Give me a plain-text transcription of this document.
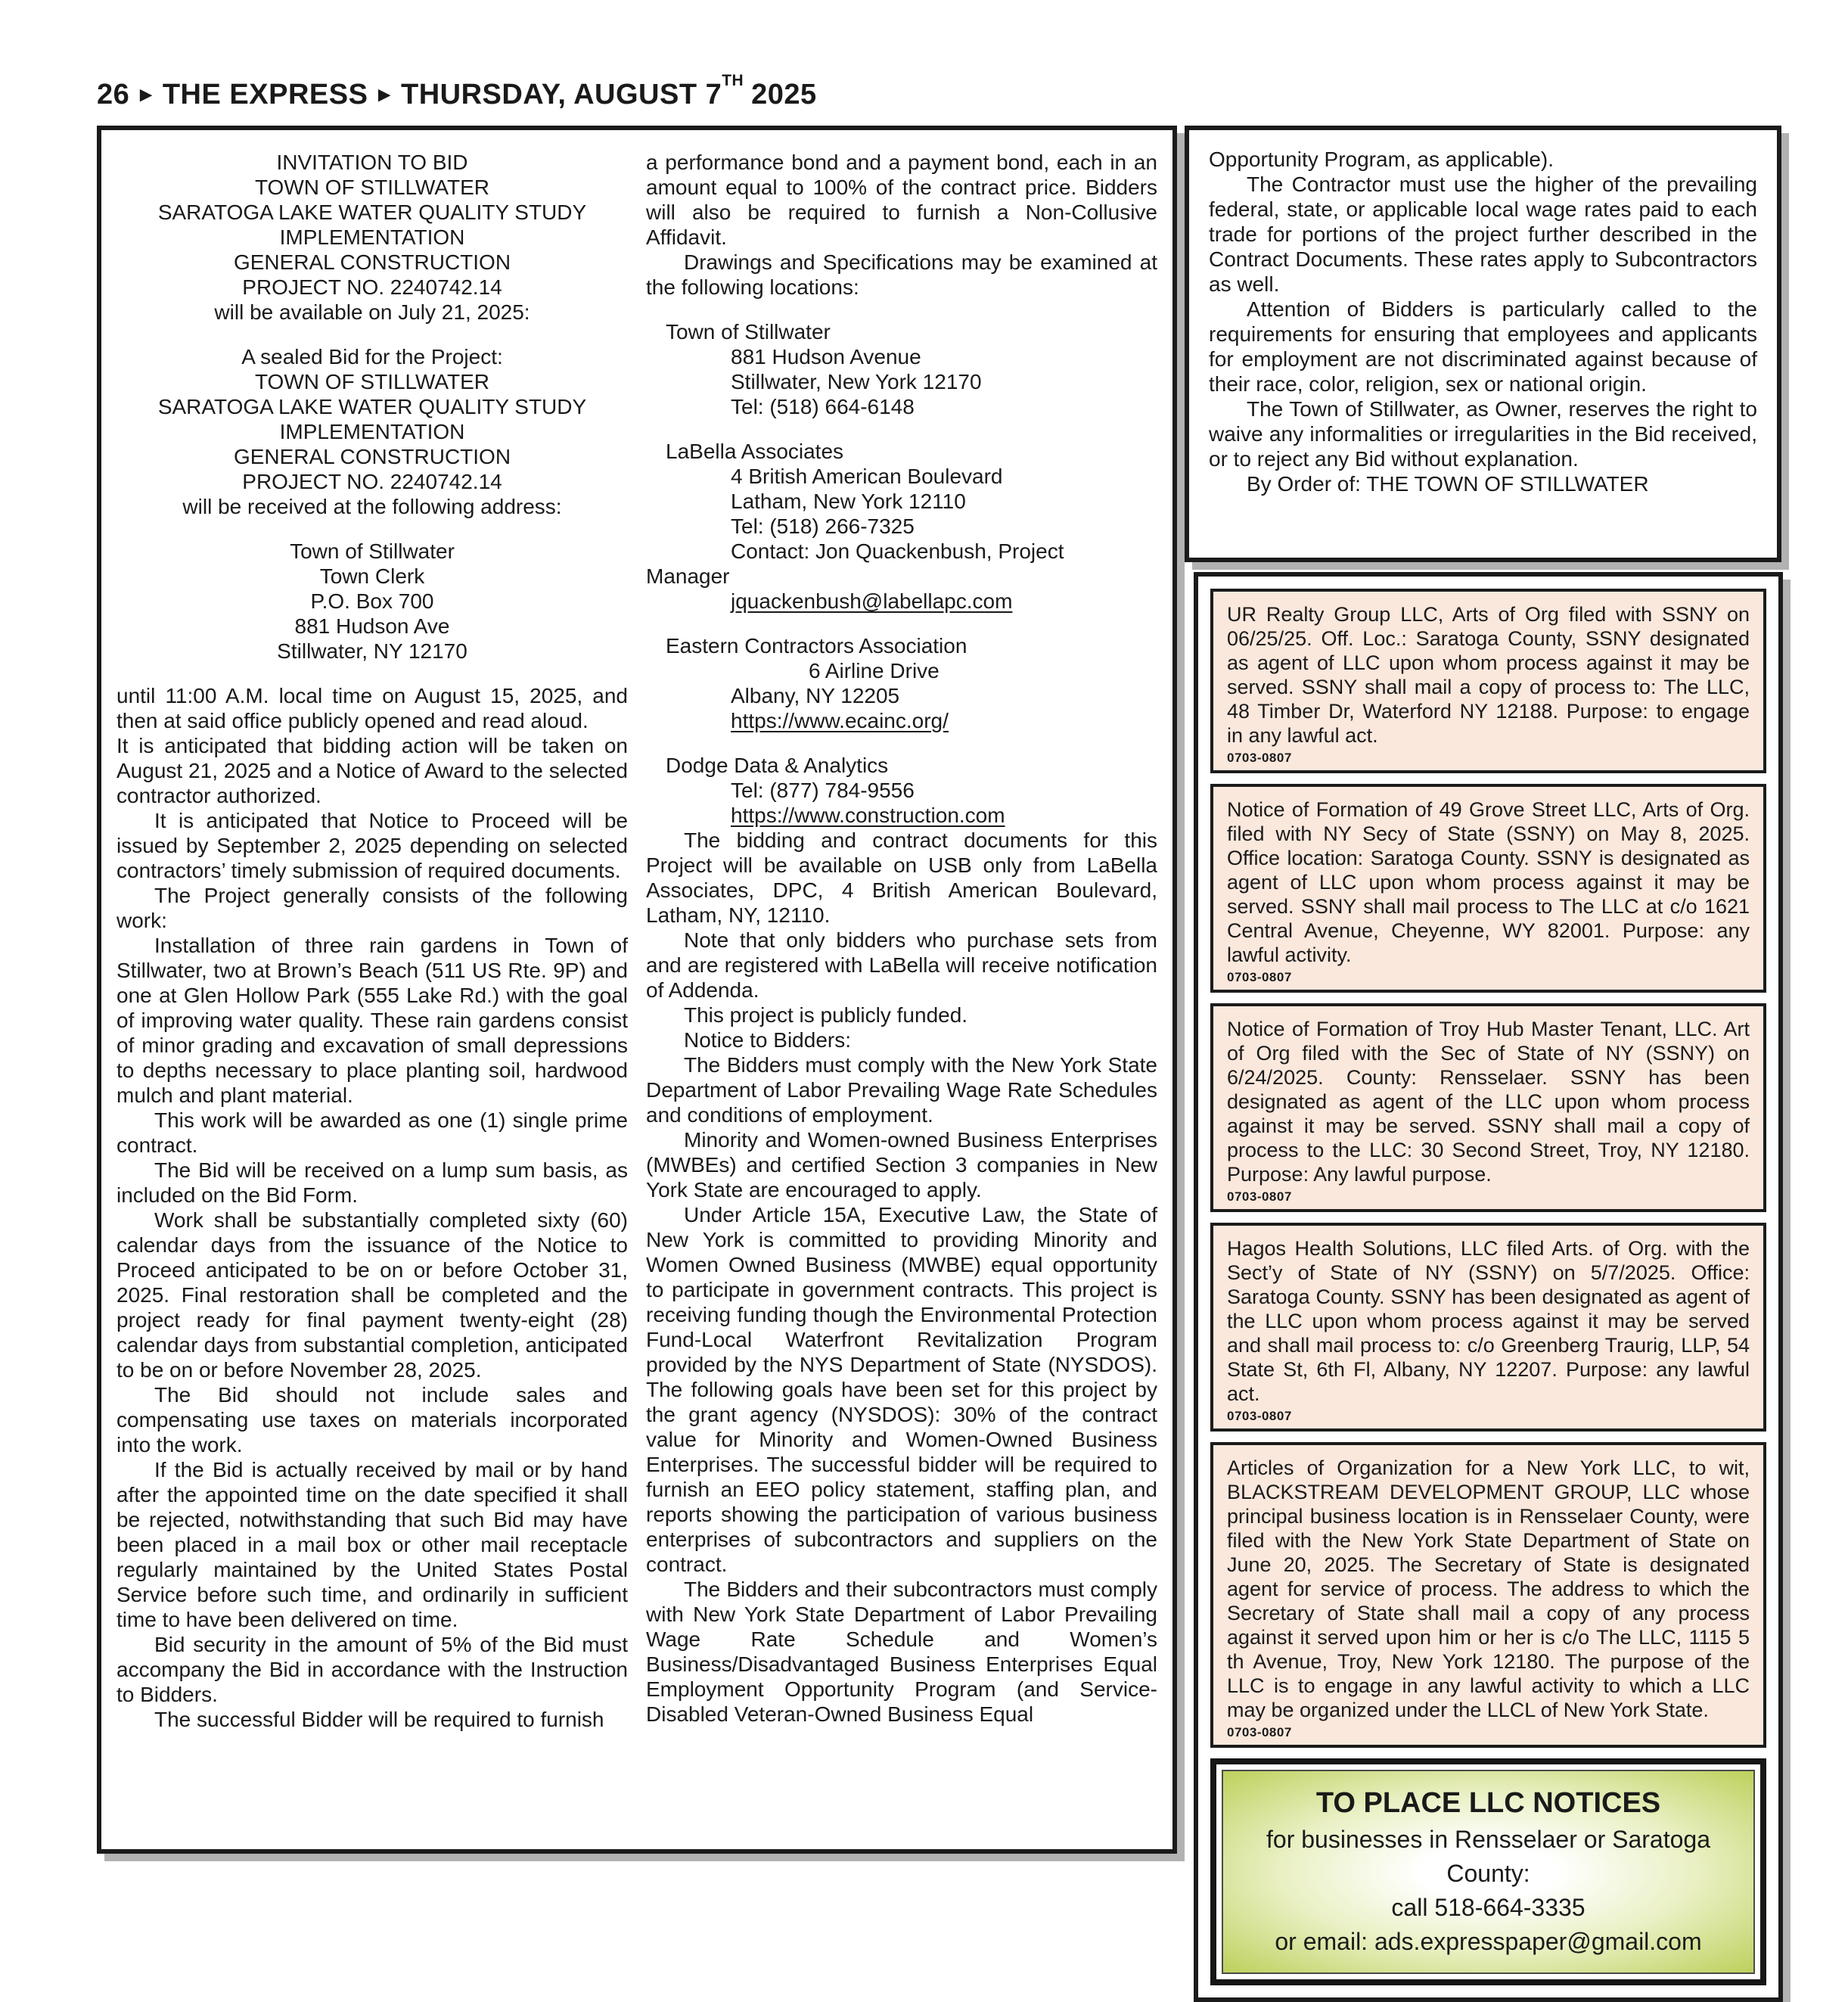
26 ▸ THE EXPRESS ▸ THURSDAY, AUGUST 7TH 2025
INVITATION TO BID
TOWN OF STILLWATER
SARATOGA LAKE WATER QUALITY STUDY
IMPLEMENTATION
GENERAL CONSTRUCTION
PROJECT NO. 2240742.14
will be available on July 21, 2025:
A sealed Bid for the Project:
TOWN OF STILLWATER
SARATOGA LAKE WATER QUALITY STUDY
IMPLEMENTATION
GENERAL CONSTRUCTION
PROJECT NO. 2240742.14
will be received at the following address:
Town of Stillwater
Town Clerk
P.O. Box 700
881 Hudson Ave
Stillwater, NY 12170
until 11:00 A.M. local time on August 15, 2025, and then at said office publicly opened and read aloud.
It is anticipated that bidding action will be taken on August 21, 2025 and a Notice of Award to the selected contractor authorized.
It is anticipated that Notice to Proceed will be issued by September 2, 2025 depending on selected contractors’ timely submission of required documents.
The Project generally consists of the following work:
Installation of three rain gardens in Town of Stillwater, two at Brown’s Beach (511 US Rte. 9P) and one at Glen Hollow Park (555 Lake Rd.) with the goal of improving water quality. These rain gardens consist of minor grading and excavation of small depressions to depths necessary to place planting soil, hardwood mulch and plant material.
This work will be awarded as one (1) single prime contract.
The Bid will be received on a lump sum basis, as included on the Bid Form.
Work shall be substantially completed sixty (60) calendar days from the issuance of the Notice to Proceed anticipated to be on or before October 31, 2025. Final restoration shall be completed and the project ready for final payment twenty-eight (28) calendar days from substantial completion, anticipated to be on or before November 28, 2025.
The Bid should not include sales and compensating use taxes on materials incorporated into the work.
If the Bid is actually received by mail or by hand after the appointed time on the date specified it shall be rejected, notwithstanding that such Bid may have been placed in a mail box or other mail receptacle regularly maintained by the United States Postal Service before such time, and ordinarily in sufficient time to have been delivered on time.
Bid security in the amount of 5% of the Bid must accompany the Bid in accordance with the Instruction to Bidders.
The successful Bidder will be required to furnish
a performance bond and a payment bond, each in an amount equal to 100% of the contract price. Bidders will also be required to furnish a Non-Collusive Affidavit.
Drawings and Specifications may be examined at the following locations:
Town of Stillwater
881 Hudson Avenue
Stillwater, New York 12170
Tel: (518) 664-6148
LaBella Associates
4 British American Boulevard
Latham, New York 12110
Tel: (518) 266-7325
Contact: Jon Quackenbush, Project
Manager
jquackenbush@labellapc.com
Eastern Contractors Association
6 Airline Drive
Albany, NY 12205
https://www.ecainc.org/
Dodge Data & Analytics
Tel: (877) 784-9556
https://www.construction.com
The bidding and contract documents for this Project will be available on USB only from LaBella Associates, DPC, 4 British American Boulevard, Latham, NY, 12110.
Note that only bidders who purchase sets from and are registered with LaBella will receive notification of Addenda.
This project is publicly funded.
Notice to Bidders:
The Bidders must comply with the New York State Department of Labor Prevailing Wage Rate Schedules and conditions of employment.
Minority and Women-owned Business Enterprises (MWBEs) and certified Section 3 companies in New York State are encouraged to apply.
Under Article 15A, Executive Law, the State of New York is committed to providing Minority and Women Owned Business (MWBE) equal opportunity to participate in government contracts. This project is receiving funding though the Environmental Protection Fund-Local Waterfront Revitalization Program provided by the NYS Department of State (NYSDOS). The following goals have been set for this project by the grant agency (NYSDOS): 30% of the contract value for Minority and Women-Owned Business Enterprises. The successful bidder will be required to furnish an EEO policy statement, staffing plan, and reports showing the participation of various business enterprises of subcontractors and suppliers on the contract.
The Bidders and their subcontractors must comply with New York State Department of Labor Prevailing Wage Rate Schedule and Women’s Business/Disadvantaged Business Enterprises Equal Employment Opportunity Program (and Service-Disabled Veteran-Owned Business Equal
Opportunity Program, as applicable).
The Contractor must use the higher of the prevailing federal, state, or applicable local wage rates paid to each trade for portions of the project further described in the Contract Documents. These rates apply to Subcontractors as well.
Attention of Bidders is particularly called to the requirements for ensuring that employees and applicants for employment are not discriminated against because of their race, color, religion, sex or national origin.
The Town of Stillwater, as Owner, reserves the right to waive any informalities or irregularities in the Bid received, or to reject any Bid without explanation.
By Order of: THE TOWN OF STILLWATER
UR Realty Group LLC, Arts of Org filed with SSNY on 06/25/25. Off. Loc.: Saratoga County, SSNY designated as agent of LLC upon whom process against it may be served. SSNY shall mail a copy of process to: The LLC, 48 Timber Dr, Waterford NY 12188. Purpose: to engage in any lawful act.
0703-0807
Notice of Formation of 49 Grove Street LLC, Arts of Org. filed with NY Secy of State (SSNY) on May 8, 2025. Office location: Saratoga County. SSNY is designated as agent of LLC upon whom process against it may be served. SSNY shall mail process to The LLC at c/o 1621 Central Avenue, Cheyenne, WY 82001. Purpose: any lawful activity.
0703-0807
Notice of Formation of Troy Hub Master Tenant, LLC. Art of Org filed with the Sec of State of NY (SSNY) on 6/24/2025. County: Rensselaer. SSNY has been designated as agent of the LLC upon whom process against it may be served. SSNY shall mail a copy of process to the LLC: 30 Second Street, Troy, NY 12180. Purpose: Any lawful purpose.
0703-0807
Hagos Health Solutions, LLC filed Arts. of Org. with the Sect’y of State of NY (SSNY) on 5/7/2025. Office: Saratoga County. SSNY has been designated as agent of the LLC upon whom process against it may be served and shall mail process to: c/o Greenberg Traurig, LLP, 54 State St, 6th Fl, Albany, NY 12207. Purpose: any lawful act.
0703-0807
Articles of Organization for a New York LLC, to wit, BLACKSTREAM DEVELOPMENT GROUP, LLC whose principal business location is in Rensselaer County, were filed with the New York State Department of State on June 20, 2025. The Secretary of State is designated agent for service of process. The address to which the Secretary of State shall mail a copy of any process against it served upon him or her is c/o The LLC, 1115 5 th Avenue, Troy, New York 12180. The purpose of the LLC is to engage in any lawful activity to which a LLC may be organized under the LLCL of New York State.
0703-0807
TO PLACE LLC NOTICES
for businesses in Rensselaer or Saratoga County:
call 518-664-3335
or email: ads.expresspaper@gmail.com
